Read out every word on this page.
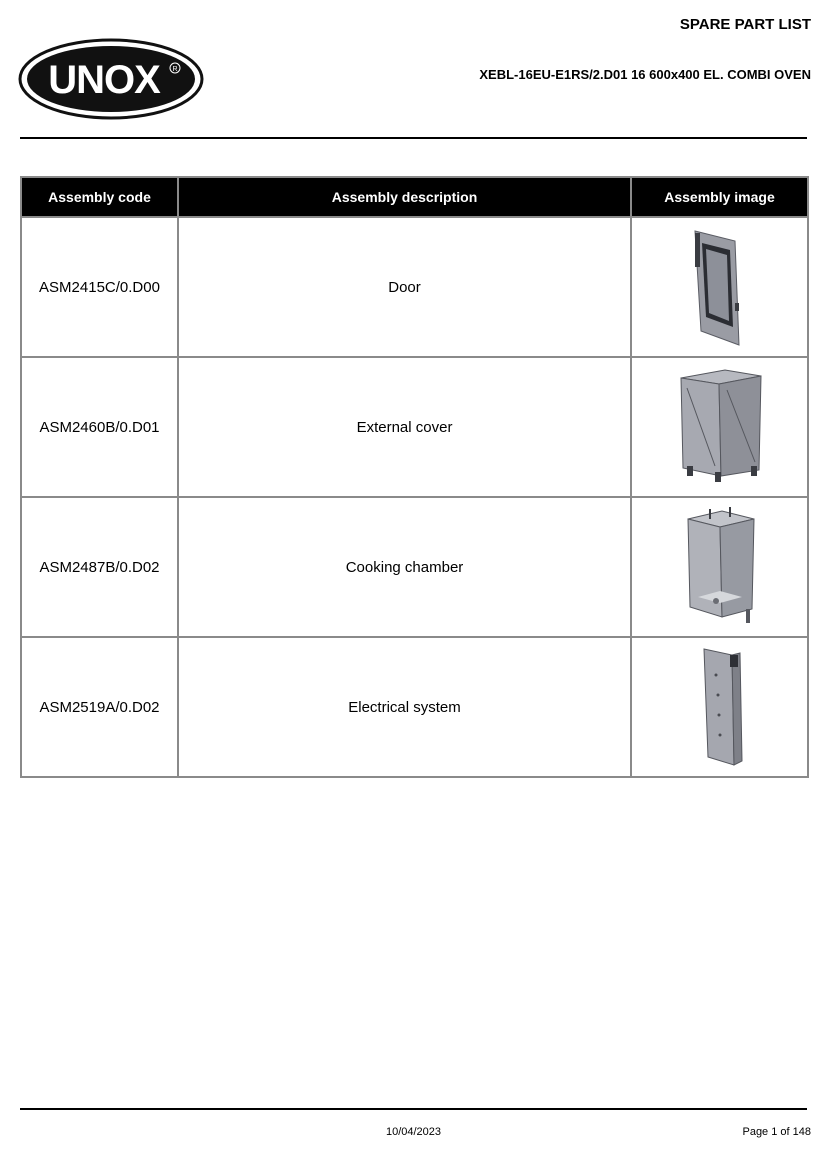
SPARE PART LIST
XEBL-16EU-E1RS/2.D01 16 600x400 EL. COMBI OVEN
UNOX R
Assembly code	Assembly description	Assembly image
ASM2415C/0.D00	Door	

ASM2460B/0.D01	External cover	

ASM2487B/0.D02	Cooking chamber	

ASM2519A/0.D02	Electrical system	
10/04/2023	Page 1 of 148
